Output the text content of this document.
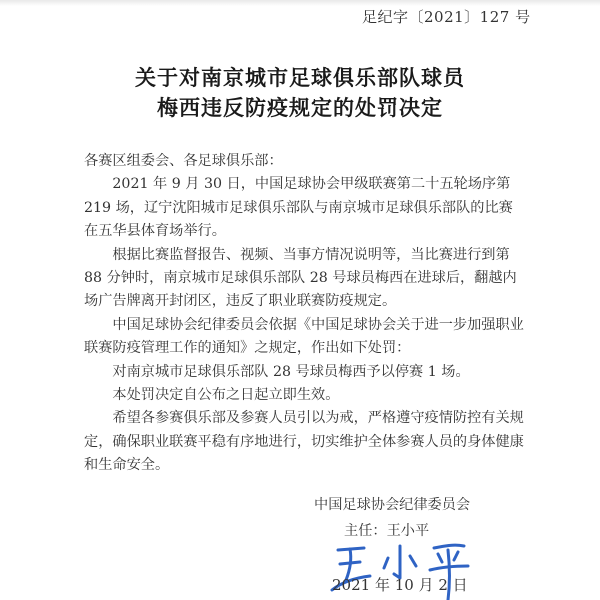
足纪字〔2021〕127 号
关于对南京城市足球俱乐部队球员
梅西违反防疫规定的处罚决定

各赛区组委会、各足球俱乐部：

2021 年 9 月 30 日，中国足球协会甲级联赛第二十五轮场序第 219 场，辽宁沈阳城市足球俱乐部队与南京城市足球俱乐部队的比赛在五华县体育场举行。

根据比赛监督报告、视频、当事方情况说明等，当比赛进行到第 88 分钟时，南京城市足球俱乐部队 28 号球员梅西在进球后，翻越内场广告牌离开封闭区，违反了职业联赛防疫规定。

中国足球协会纪律委员会依据《中国足球协会关于进一步加强职业联赛防疫管理工作的通知》之规定，作出如下处罚：

对南京城市足球俱乐部队 28 号球员梅西予以停赛 1 场。

本处罚决定自公布之日起立即生效。

希望各参赛俱乐部及参赛人员引以为戒，严格遵守疫情防控有关规定，确保职业联赛平稳有序地进行，切实维护全体参赛人员的身体健康和生命安全。

中国足球协会纪律委员会
主任：王小平
2021 年 10 月 2 日
